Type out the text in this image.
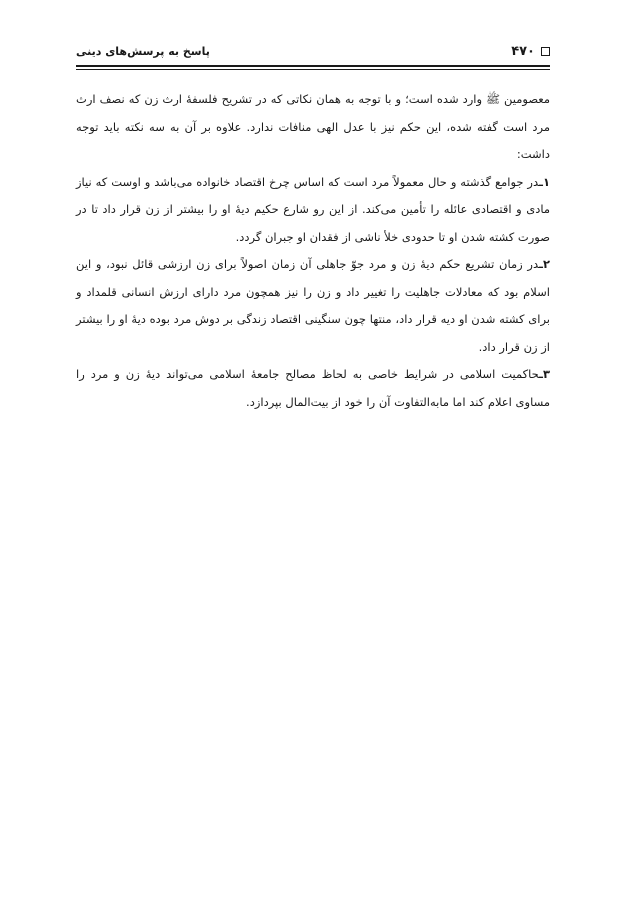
۴۷۰
پاسخ به پرسش‌های دینی

معصومین ﷺ وارد شده است؛ و با توجه به همان نکاتی که در تشریح فلسفهٔ ارث زن که نصف ارث مرد است گفته شده، این حکم نیز با عدل الهی منافات ندارد. علاوه بر آن به سه نکته باید توجه داشت:

۱ـدر جوامع گذشته و حال معمولاً مرد است که اساس چرخ اقتصاد خانواده می‌باشد و اوست که نیاز مادی و اقتصادی عائله را تأمین می‌کند. از این رو شارع حکیم دیهٔ او را بیشتر از زن قرار داد تا در صورت کشته شدن او تا حدودی خلأ ناشی از فقدان او جبران گردد.

۲ـدر زمان تشریع حکم دیهٔ زن و مرد جوّ جاهلی آن زمان اصولاً برای زن ارزشی قائل نبود، و این اسلام بود که معادلات جاهلیت را تغییر داد و زن را نیز همچون مرد دارای ارزش انسانی قلمداد و برای کشته شدن او دیه قرار داد، منتها چون سنگینی اقتصاد زندگی بر دوش مرد بوده دیهٔ او را بیشتر از زن قرار داد.

۳ـحاکمیت اسلامی در شرایط خاصی به لحاظ مصالح جامعهٔ اسلامی می‌تواند دیهٔ زن و مرد را مساوی اعلام کند اما مابه‌التفاوت آن را خود از بیت‌المال بپردازد.
